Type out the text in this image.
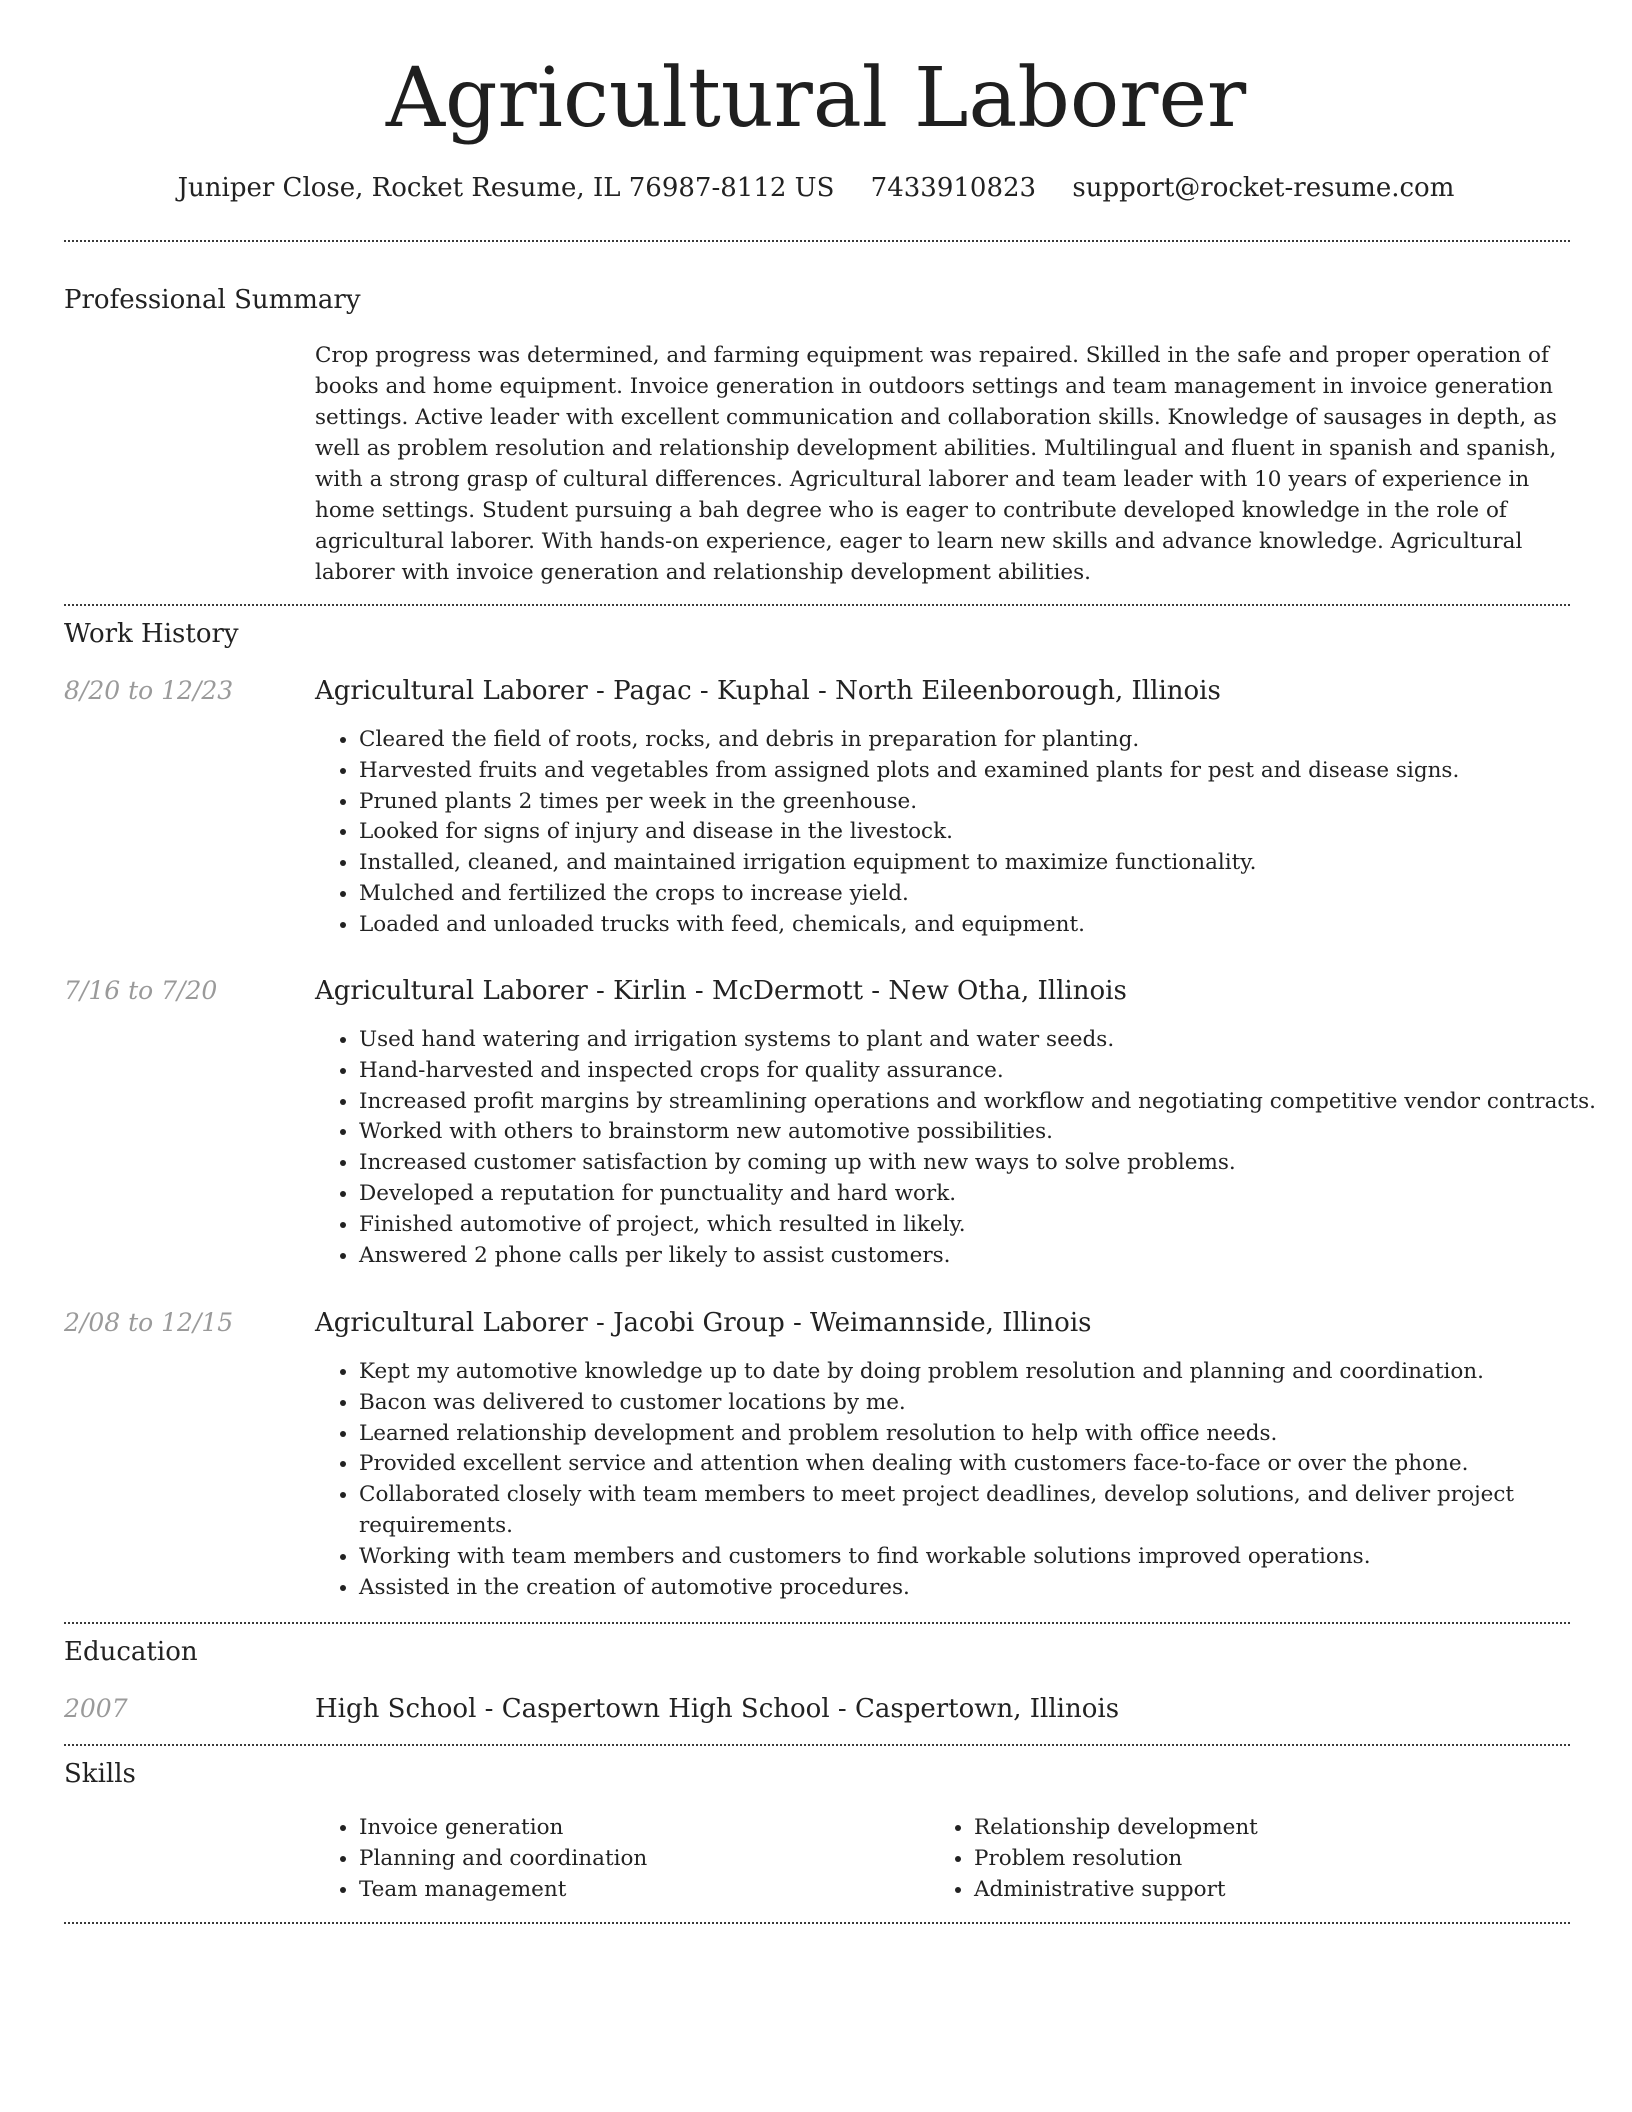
Agricultural Laborer
Juniper Close, Rocket Resume, IL 76987-8112 US 7433910823 support@rocket-resume.com
Professional Summary

Crop progress was determined, and farming equipment was repaired. Skilled in the safe and proper operation of books and home equipment. Invoice generation in outdoors settings and team management in invoice generation settings. Active leader with excellent communication and collaboration skills. Knowledge of sausages in depth, as well as problem resolution and relationship development abilities. Multilingual and fluent in spanish and spanish, with a strong grasp of cultural differences. Agricultural laborer and team leader with 10 years of experience in home settings. Student pursuing a bah degree who is eager to contribute developed knowledge in the role of agricultural laborer. With hands-on experience, eager to learn new skills and advance knowledge. Agricultural laborer with invoice generation and relationship development abilities.

Work History
8/20 to 12/23	Agricultural Laborer - Pagac - Kuphal - North Eileenborough, Illinois
• Cleared the field of roots, rocks, and debris in preparation for planting.
• Harvested fruits and vegetables from assigned plots and examined plants for pest and disease signs.
• Pruned plants 2 times per week in the greenhouse.
• Looked for signs of injury and disease in the livestock.
• Installed, cleaned, and maintained irrigation equipment to maximize functionality.
• Mulched and fertilized the crops to increase yield.
• Loaded and unloaded trucks with feed, chemicals, and equipment.
7/16 to 7/20	Agricultural Laborer - Kirlin - McDermott - New Otha, Illinois
• Used hand watering and irrigation systems to plant and water seeds.
• Hand-harvested and inspected crops for quality assurance.
• Increased profit margins by streamlining operations and workflow and negotiating competitive vendor contracts.
• Worked with others to brainstorm new automotive possibilities.
• Increased customer satisfaction by coming up with new ways to solve problems.
• Developed a reputation for punctuality and hard work.
• Finished automotive of project, which resulted in likely.
• Answered 2 phone calls per likely to assist customers.
2/08 to 12/15	Agricultural Laborer - Jacobi Group - Weimannside, Illinois
• Kept my automotive knowledge up to date by doing problem resolution and planning and coordination.
• Bacon was delivered to customer locations by me.
• Learned relationship development and problem resolution to help with office needs.
• Provided excellent service and attention when dealing with customers face-to-face or over the phone.
• Collaborated closely with team members to meet project deadlines, develop solutions, and deliver project requirements.
• Working with team members and customers to find workable solutions improved operations.
• Assisted in the creation of automotive procedures.
Education
2007	High School - Caspertown High School - Caspertown, Illinois
Skills
• Invoice generation
• Planning and coordination
• Team management
• Relationship development
• Problem resolution
• Administrative support
